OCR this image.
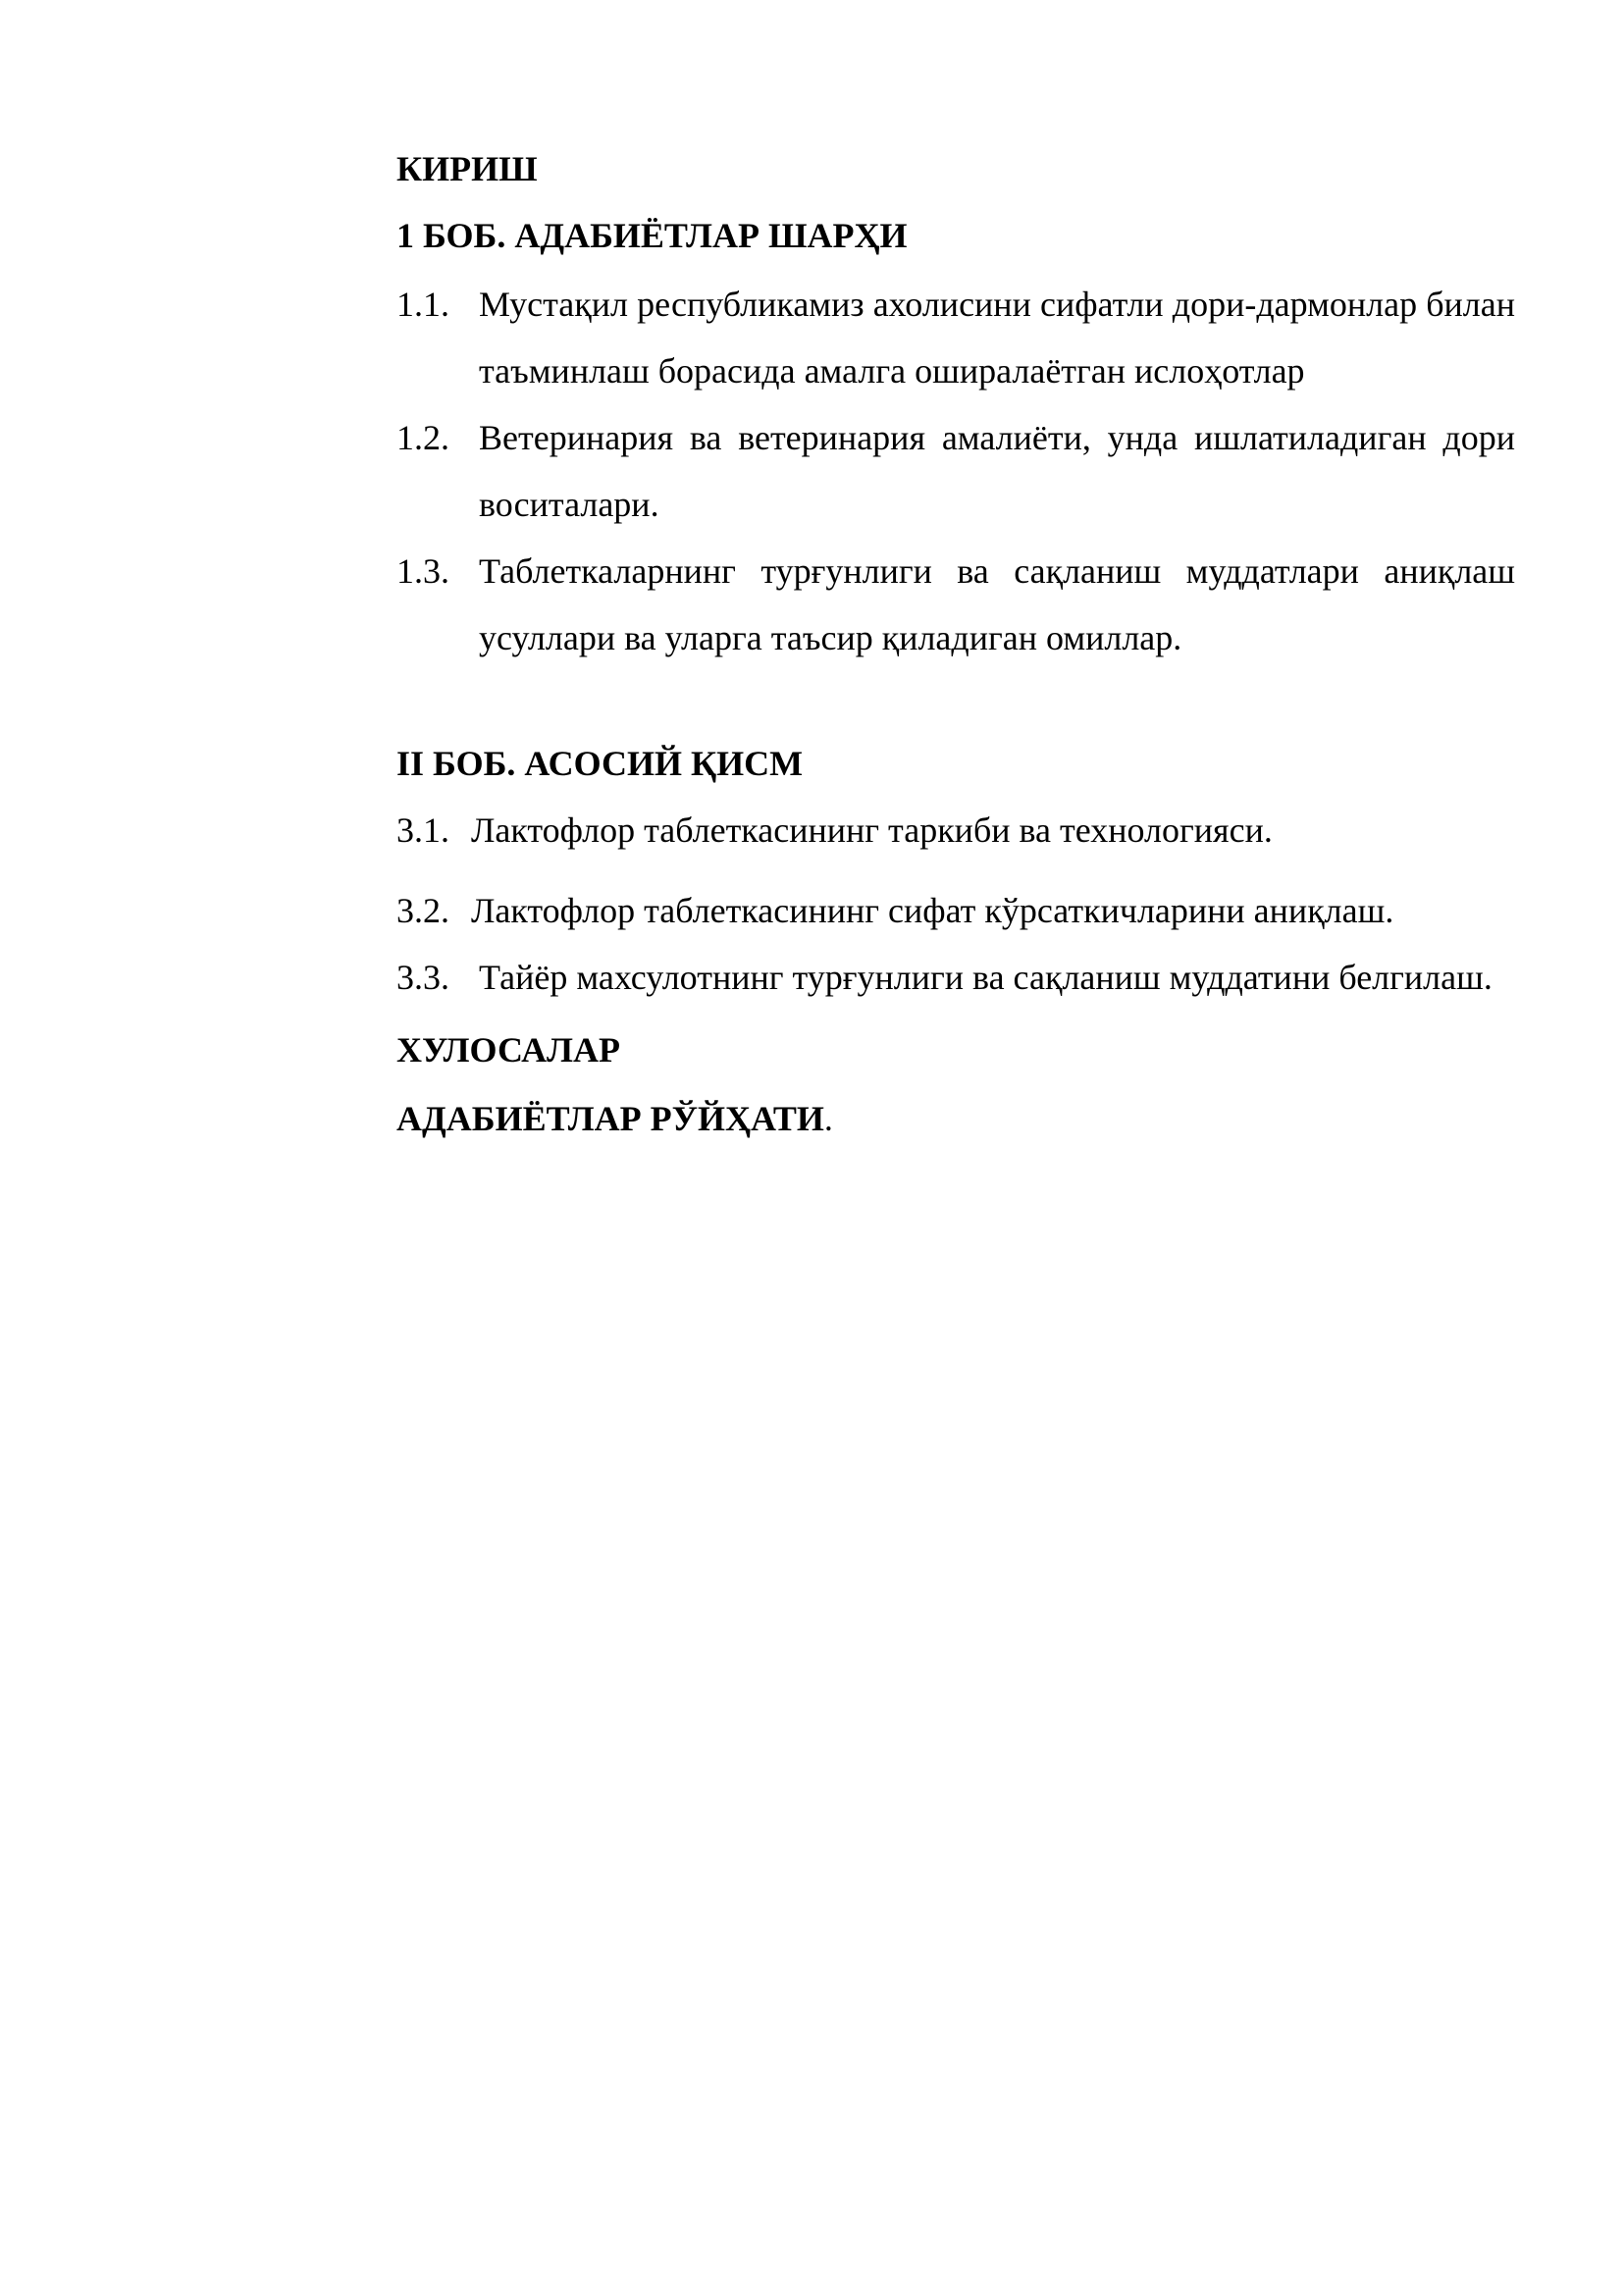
КИРИШ
1 БОБ. АДАБИЁТЛАР ШАРҲИ
1.1. Мустақил республикамиз ахолисини сифатли дори-дармонлар билан таъминлаш борасида амалга оширалаётган ислоҳотлар
1.2. Ветеринария ва ветеринария амалиёти, унда ишлатиладиган дори воситалари.
1.3. Таблеткаларнинг турғунлиги ва сақланиш муддатлари аниқлаш усуллари ва уларга таъсир қиладиган омиллар.
II БОБ. АСОСИЙ ҚИСМ
3.1. Лактофлор таблеткасининг таркиби ва технологияси.
3.2. Лактофлор таблеткасининг сифат кўрсаткичларини аниқлаш.
3.3. Тайёр махсулотнинг турғунлиги ва сақланиш муддатини белгилаш.
ХУЛОСАЛАР
АДАБИЁТЛАР РЎЙҲАТИ.
